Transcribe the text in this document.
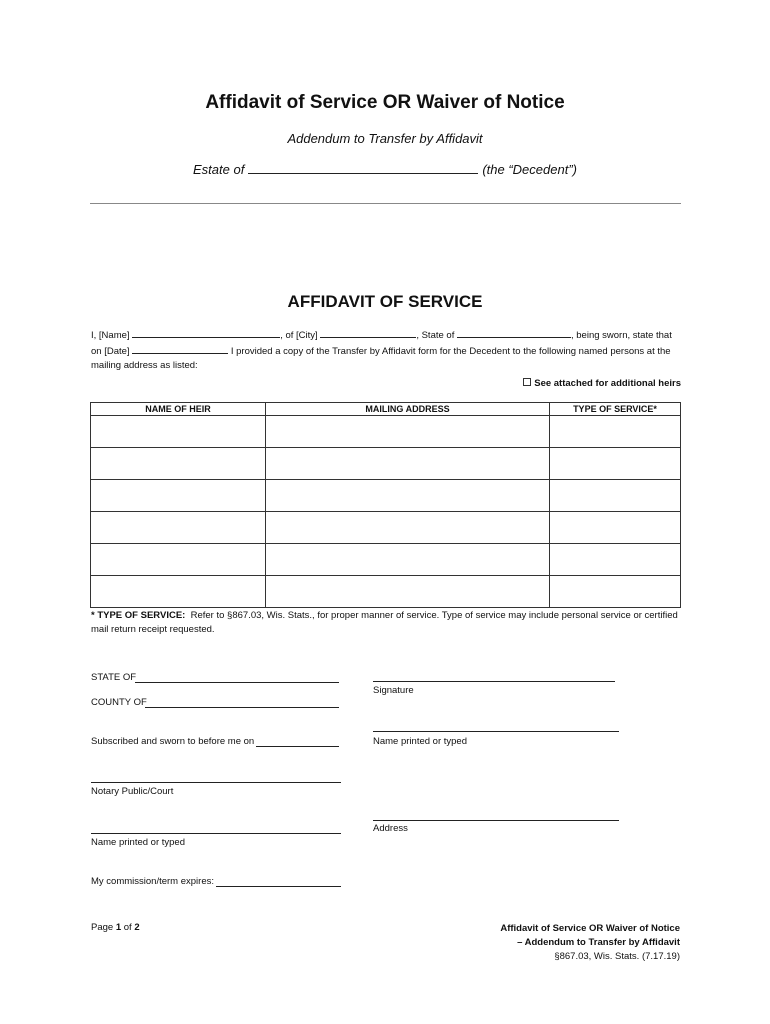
Affidavit of Service OR Waiver of Notice
Addendum to Transfer by Affidavit
Estate of	(the “Decedent”)
AFFIDAVIT OF SERVICE
I, [Name]	, of [City]	, State of	, being sworn, state that
on [Date]	I provided a copy of the Transfer by Affidavit form for the Decedent to the following named persons at the mailing address as listed:
See attached for additional heirs
NAME OF HEIR	MAILING ADDRESS	TYPE OF SERVICE*

* TYPE OF SERVICE: Refer to §867.03, Wis. Stats., for proper manner of service. Type of service may include personal service or certified mail return receipt requested.
STATE OF
COUNTY OF
Subscribed and sworn to before me on
Notary Public/Court
Name printed or typed
My commission/term expires:
Signature
Name printed or typed
Address
Page 1 of 2	Affidavit of Service OR Waiver of Notice
– Addendum to Transfer by Affidavit
§867.03, Wis. Stats. (7.17.19)
